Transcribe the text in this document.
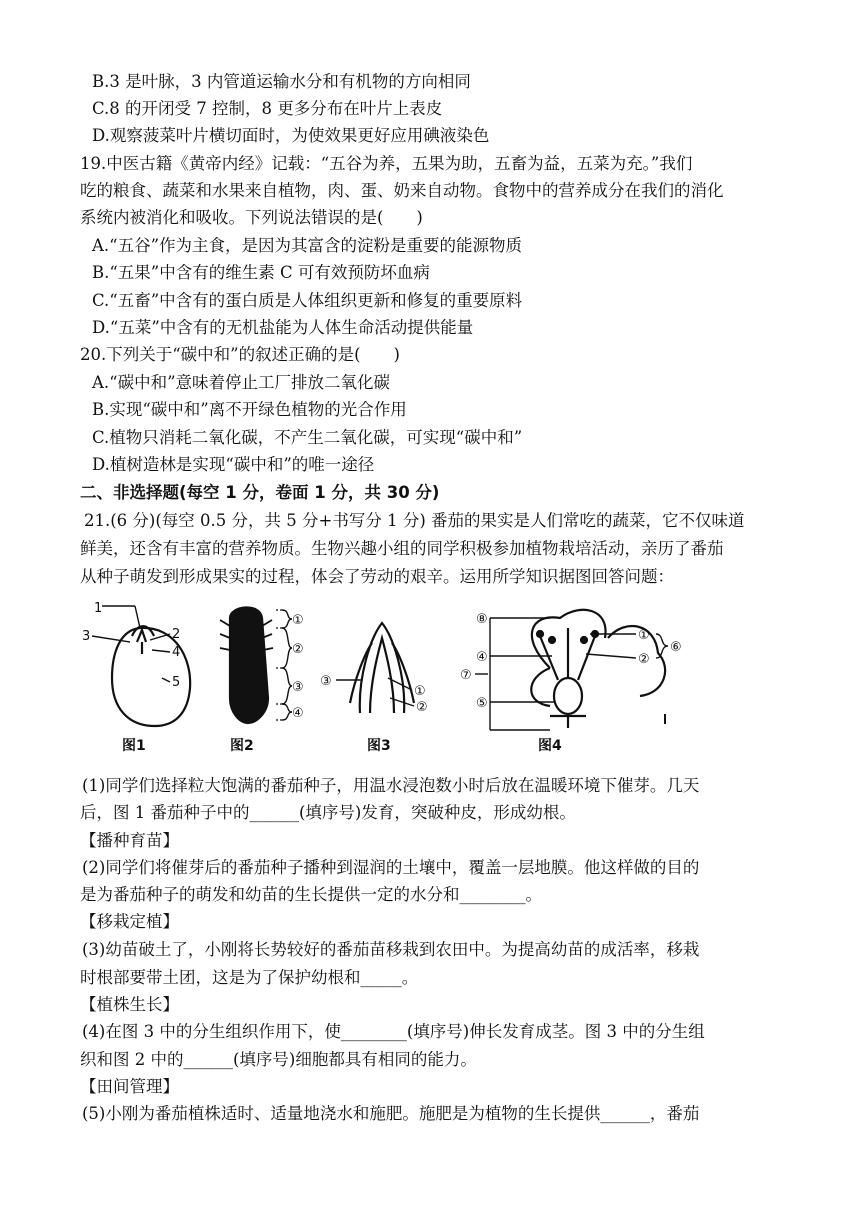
B.3 是叶脉，3 内管道运输水分和有机物的方向相同
C.8 的开闭受 7 控制，8 更多分布在叶片上表皮
D.观察菠菜叶片横切面时，为使效果更好应用碘液染色
19.中医古籍《黄帝内经》记载：“五谷为养，五果为助，五畜为益，五菜为充。”我们
吃的粮食、蔬菜和水果来自植物，肉、蛋、奶来自动物。食物中的营养成分在我们的消化
系统内被消化和吸收。下列说法错误的是(　　)
A.“五谷”作为主食，是因为其富含的淀粉是重要的能源物质
B.“五果”中含有的维生素 C 可有效预防坏血病
C.“五畜”中含有的蛋白质是人体组织更新和修复的重要原料
D.“五菜”中含有的无机盐能为人体生命活动提供能量
20.下列关于“碳中和”的叙述正确的是(　　)
A.“碳中和”意味着停止工厂排放二氧化碳
B.实现“碳中和”离不开绿色植物的光合作用
C.植物只消耗二氧化碳，不产生二氧化碳，可实现“碳中和”
D.植树造林是实现“碳中和”的唯一途径
二、非选择题(每空 1 分，卷面 1 分，共 30 分)
21.(6 分)(每空 0.5 分，共 5 分+书写分 1 分) 番茄的果实是人们常吃的蔬菜，它不仅味道
鲜美，还含有丰富的营养物质。生物兴趣小组的同学积极参加植物栽培活动，亲历了番茄
从种子萌发到形成果实的过程，体会了劳动的艰辛。运用所学知识据图回答问题：
1
2
3
4
5
①
②
③
④
③
①
②
⑧
④
⑦
⑤
①
②
⑥
图1	图2	图3	图4
(1)同学们选择粒大饱满的番茄种子，用温水浸泡数小时后放在温暖环境下催芽。几天
后，图 1 番茄种子中的______(填序号)发育，突破种皮，形成幼根。
【播种育苗】
(2)同学们将催芽后的番茄种子播种到湿润的土壤中，覆盖一层地膜。他这样做的目的
是为番茄种子的萌发和幼苗的生长提供一定的水分和________。
【移栽定植】
(3)幼苗破土了，小刚将长势较好的番茄苗移栽到农田中。为提高幼苗的成活率，移栽
时根部要带土团，这是为了保护幼根和_____。
【植株生长】
(4)在图 3 中的分生组织作用下，使________(填序号)伸长发育成茎。图 3 中的分生组
织和图 2 中的______(填序号)细胞都具有相同的能力。
【田间管理】
(5)小刚为番茄植株适时、适量地浇水和施肥。施肥是为植物的生长提供______，番茄
